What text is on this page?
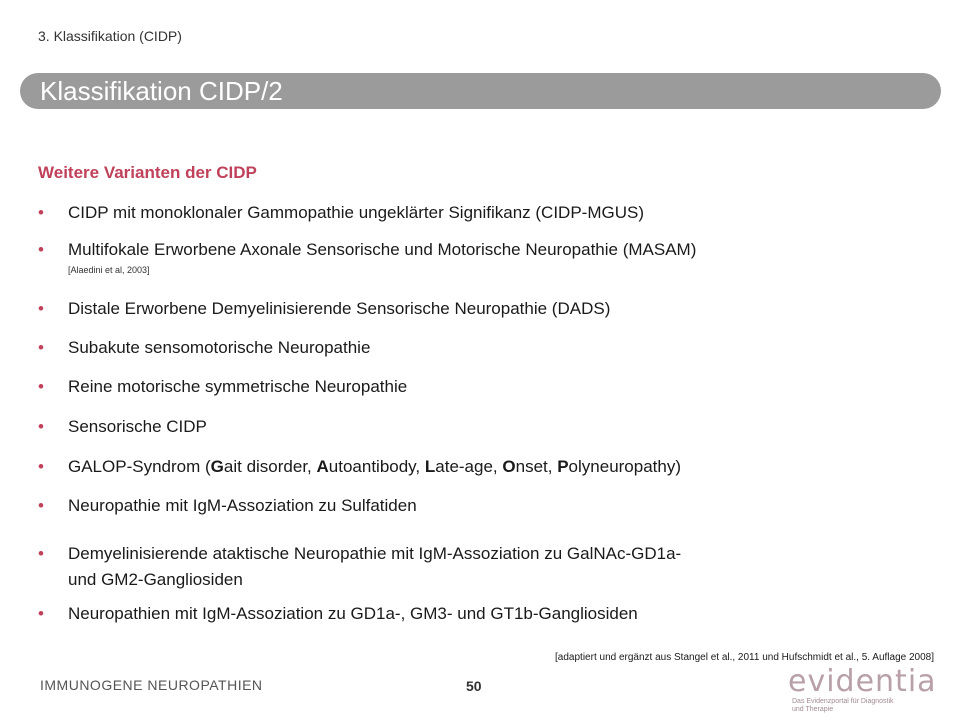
3. Klassifikation (CIDP)
Klassifikation CIDP/2
Weitere Varianten der CIDP
• CIDP mit monoklonaler Gammopathie ungeklärter Signifikanz (CIDP-MGUS)
• Multifokale Erworbene Axonale Sensorische und Motorische Neuropathie (MASAM)
[Alaedini et al, 2003]
• Distale Erworbene Demyelinisierende Sensorische Neuropathie (DADS)
• Subakute sensomotorische Neuropathie
• Reine motorische symmetrische Neuropathie
• Sensorische CIDP
• GALOP-Syndrom (Gait disorder, Autoantibody, Late-age, Onset, Polyneuropathy)
• Neuropathie mit IgM-Assoziation zu Sulfatiden
• Demyelinisierende ataktische Neuropathie mit IgM-Assoziation zu GalNAc-GD1a-
und GM2-Gangliosiden
• Neuropathien mit IgM-Assoziation zu GD1a-, GM3- und GT1b-Gangliosiden
[adaptiert und ergänzt aus Stangel et al., 2011 und Hufschmidt et al., 5. Auflage 2008]
IMMUNOGENE NEUROPATHIEN	50	evidentia
Das Evidenzportal für Diagnostik
und Therapie
